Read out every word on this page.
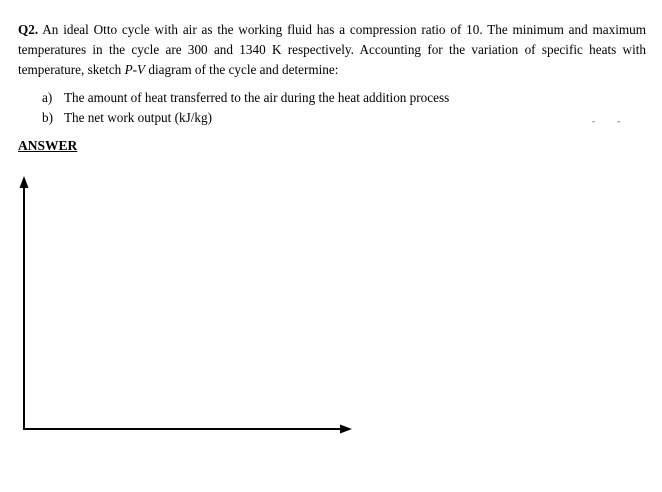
Q2. An ideal Otto cycle with air as the working fluid has a compression ratio of 10. The minimum and maximum temperatures in the cycle are 300 and 1340 K respectively. Accounting for the variation of specific heats with temperature, sketch P-V diagram of the cycle and determine:

a) The amount of heat transferred to the air during the heat addition process
b) The net work output (kJ/kg)	- -

ANSWER
